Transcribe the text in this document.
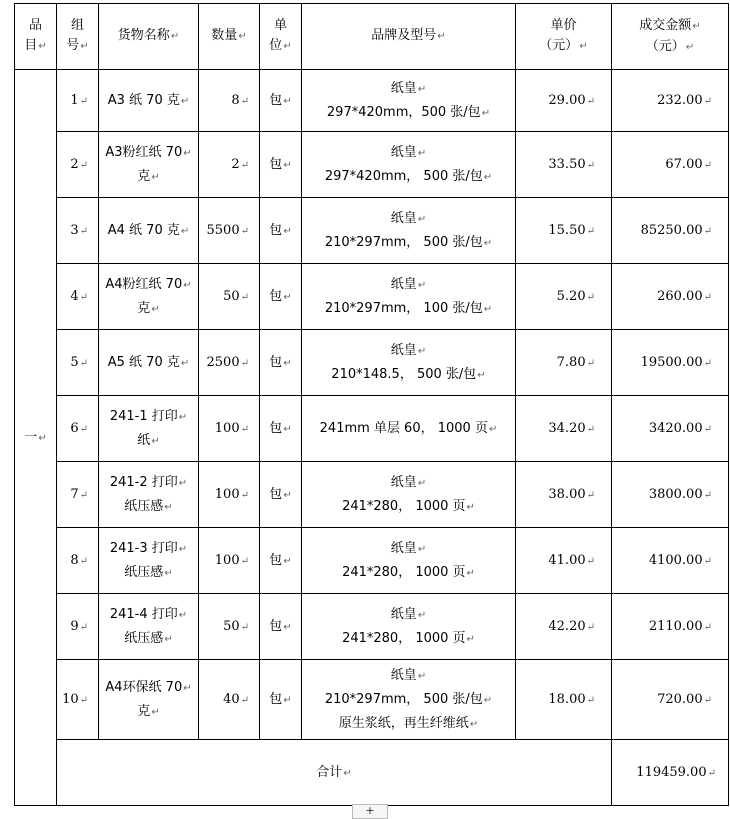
品
目 ↵	组
号 ↵	货物名称 ↵	数量 ↵	单
位 ↵	品牌及型号 ↵	单价
（元） ↵	成交金额 ↵
（元） ↵
一 ↵	1 ↵	A3 纸 70 克 ↵	8 ↵	包 ↵	纸皇 ↵
297*420mm，500 张/包 ↵	29.00 ↵	232.00 ↵
	2 ↵	A3粉红纸 70 ↵
克 ↵	2 ↵	包 ↵	纸皇 ↵
297*420mm， 500 张/包 ↵	33.50 ↵	67.00 ↵
	3 ↵	A4 纸 70 克 ↵	5500 ↵	包 ↵	纸皇 ↵
210*297mm， 500 张/包 ↵	15.50 ↵	85250.00 ↵
	4 ↵	A4粉红纸 70 ↵
克 ↵	50 ↵	包 ↵	纸皇 ↵
210*297mm， 100 张/包 ↵	5.20 ↵	260.00 ↵
	5 ↵	A5 纸 70 克 ↵	2500 ↵	包 ↵	纸皇 ↵
210*148.5， 500 张/包 ↵	7.80 ↵	19500.00 ↵
	6 ↵	241-1 打印 ↵
纸 ↵	100 ↵	包 ↵	241mm 单层 60， 1000 页 ↵	34.20 ↵	3420.00 ↵
	7 ↵	241-2 打印 ↵
纸压感 ↵	100 ↵	包 ↵	纸皇 ↵
241*280， 1000 页 ↵	38.00 ↵	3800.00 ↵
	8 ↵	241-3 打印 ↵
纸压感 ↵	100 ↵	包 ↵	纸皇 ↵
241*280， 1000 页 ↵	41.00 ↵	4100.00 ↵
	9 ↵	241-4 打印 ↵
纸压感 ↵	50 ↵	包 ↵	纸皇 ↵
241*280， 1000 页 ↵	42.20 ↵	2110.00 ↵
	10 ↵	A4环保纸 70 ↵
克 ↵	40 ↵	包 ↵	纸皇 ↵
210*297mm， 500 张/包 ↵
原生浆纸，再生纤维纸 ↵	18.00 ↵	720.00 ↵
	合计 ↵						119459.00 ↵
+
